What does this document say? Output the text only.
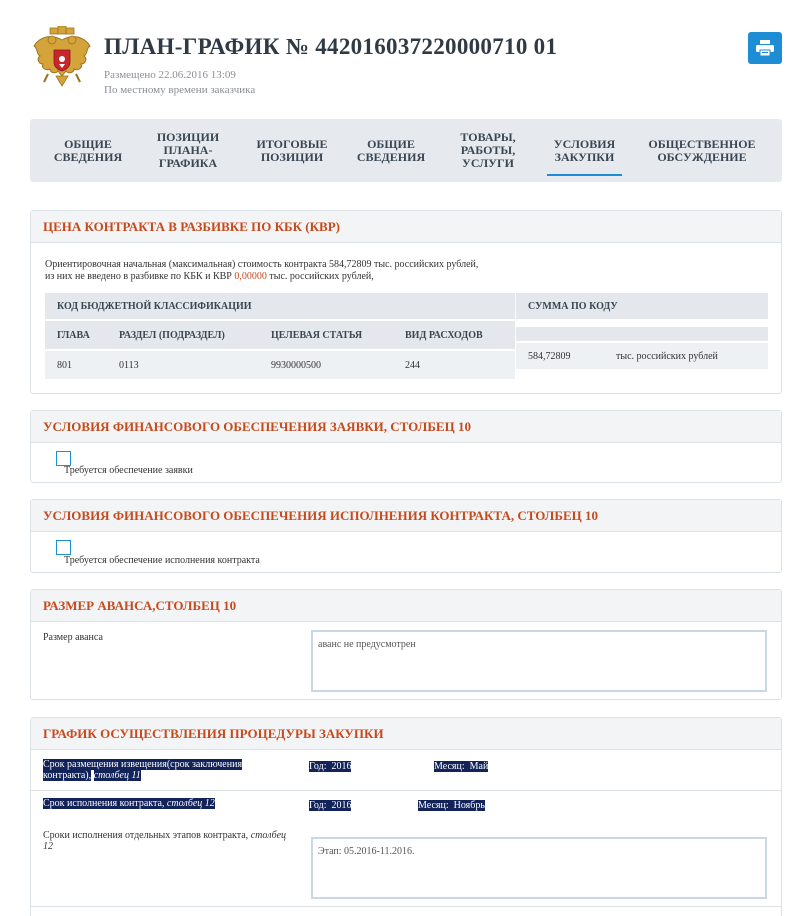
ПЛАН-ГРАФИК № 442016037220000710 01
Размещено 22.06.2016 13:09
По местному времени заказчика
ОБЩИЕ
СВЕДЕНИЯ
ПОЗИЦИИ
ПЛАНА-
ГРАФИКА
ИТОГОВЫЕ
ПОЗИЦИИ
ОБЩИЕ
СВЕДЕНИЯ
ТОВАРЫ,
РАБОТЫ,
УСЛУГИ
УСЛОВИЯ
ЗАКУПКИ
ОБЩЕСТВЕННОЕ
ОБСУЖДЕНИЕ
ЦЕНА КОНТРАКТА В РАЗБИВКЕ ПО КБК (КВР)
Ориентировочная начальная (максимальная) стоимость контракта 584,72809 тыс. российских рублей,
из них не введено в разбивке по КБК и КВР 0,00000 тыс. российских рублей,
КОД БЮДЖЕТНОЙ КЛАССИФИКАЦИИ
ГЛАВА	РАЗДЕЛ (ПОДРАЗДЕЛ)	ЦЕЛЕВАЯ СТАТЬЯ	ВИД РАСХОДОВ
801	0113	9930000500	244
СУММА ПО КОДУ
584,72809	тыс. российских рублей
УСЛОВИЯ ФИНАНСОВОГО ОБЕСПЕЧЕНИЯ ЗАЯВКИ, СТОЛБЕЦ 10
Требуется обеспечение заявки
УСЛОВИЯ ФИНАНСОВОГО ОБЕСПЕЧЕНИЯ ИСПОЛНЕНИЯ КОНТРАКТА, СТОЛБЕЦ 10
Требуется обеспечение исполнения контракта
РАЗМЕР АВАНСА,СТОЛБЕЦ 10
Размер аванса
аванс не предусмотрен
ГРАФИК ОСУЩЕСТВЛЕНИЯ ПРОЦЕДУРЫ ЗАКУПКИ
Срок размещения извещения(срок заключения
контракта), столбец 11
Год: 2016	Месяц: Май
Срок исполнения контракта, столбец 12	Год: 2016	Месяц: Ноябрь
Сроки исполнения отдельных этапов контракта, столбец
12	Этап: 05.2016-11.2016.
